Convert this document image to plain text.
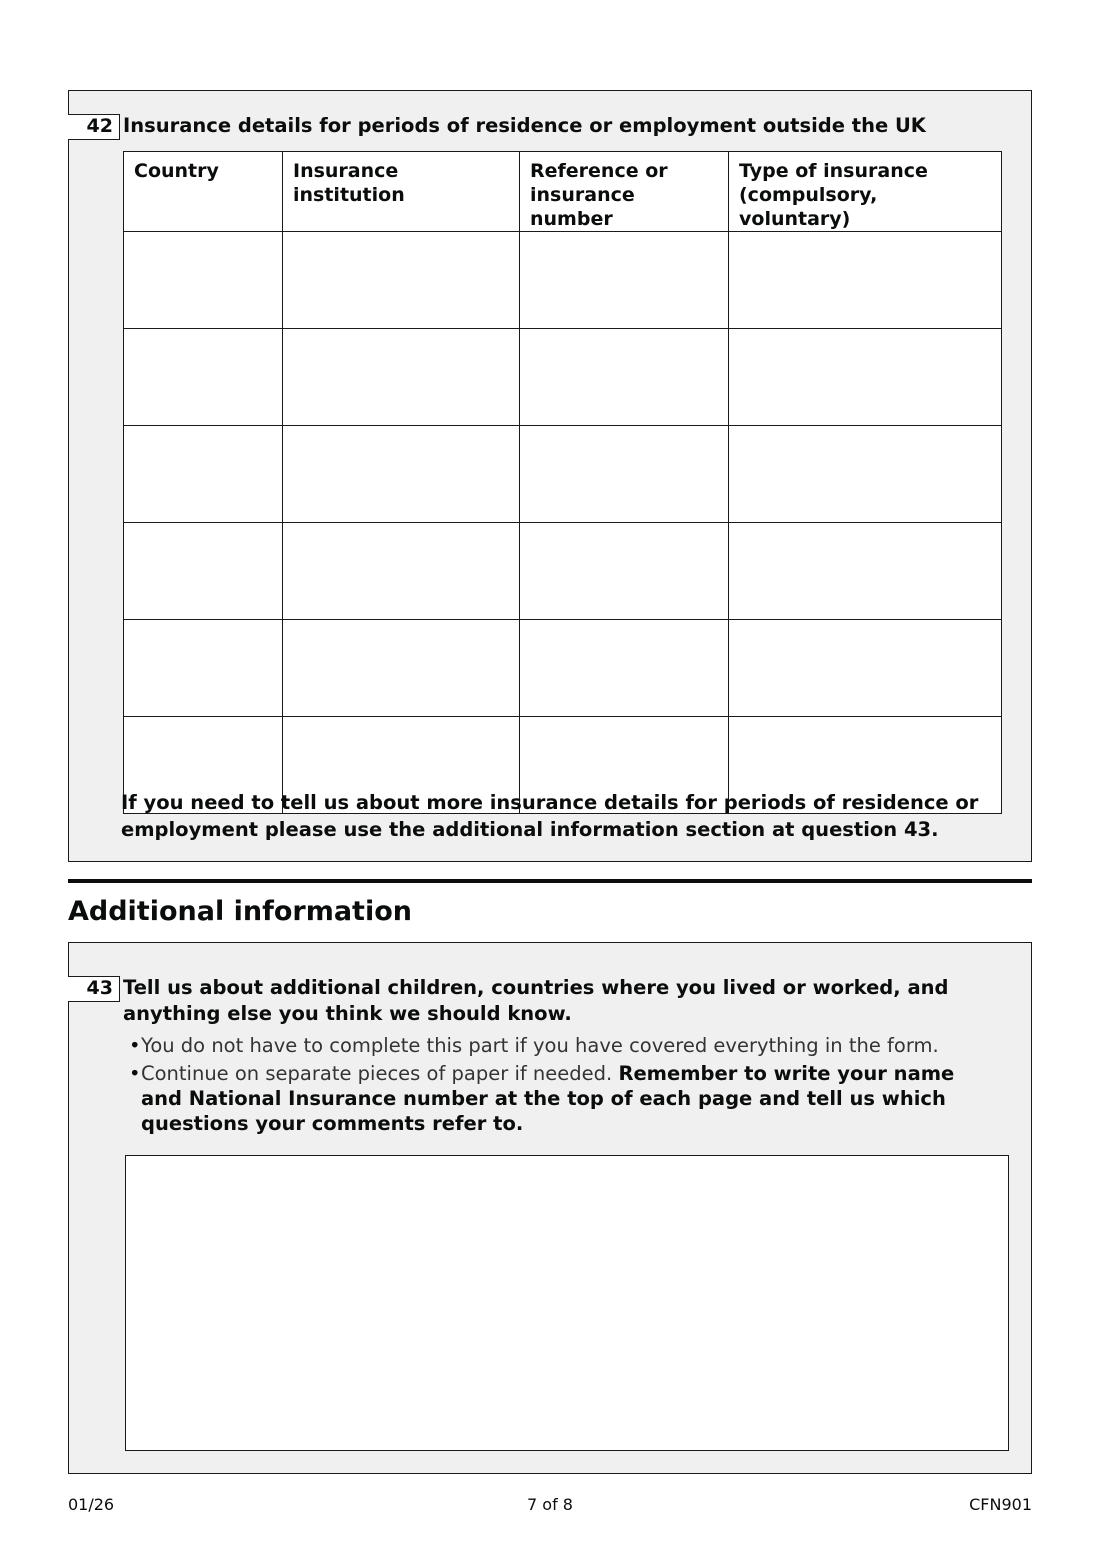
42 Insurance details for periods of residence or employment outside the UK
Country	Insurance institution	Reference or insurance number	Type of insurance (compulsory, voluntary)

If you need to tell us about more insurance details for periods of residence or employment please use the additional information section at question 43.
Additional information
43 Tell us about additional children, countries where you lived or worked, and anything else you think we should know.
• You do not have to complete this part if you have covered everything in the form.
• Continue on separate pieces of paper if needed. Remember to write your name and National Insurance number at the top of each page and tell us which questions your comments refer to.
01/26	7 of 8	CFN901
